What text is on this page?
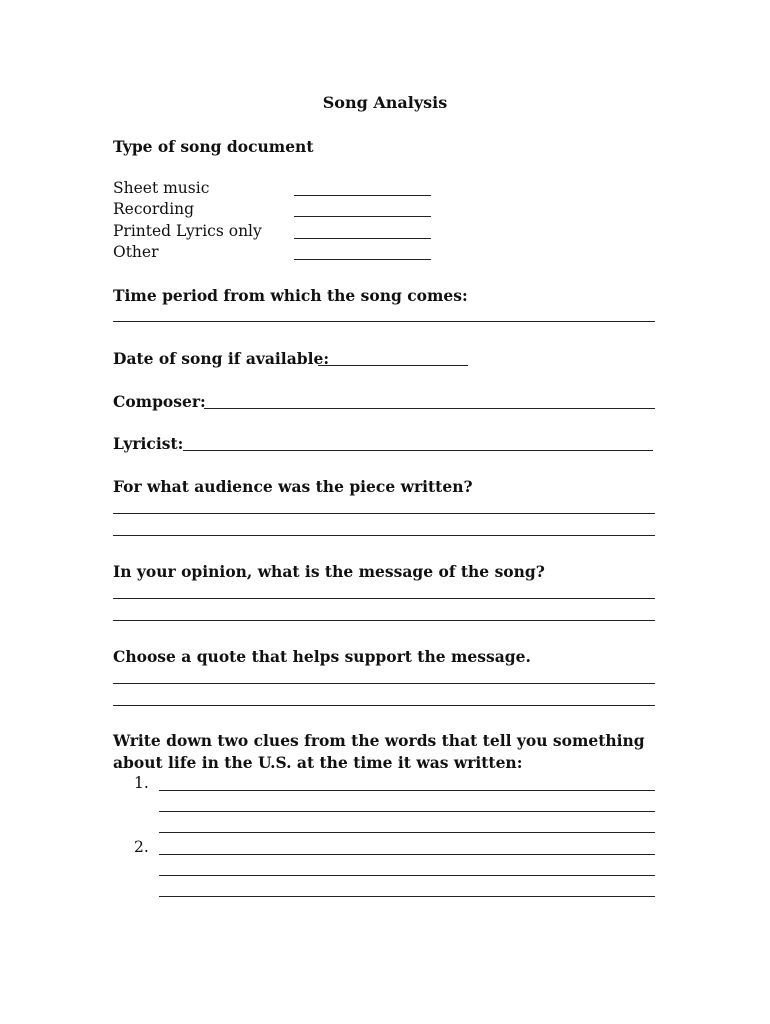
Song Analysis
Type of song document
Sheet music
Recording
Printed Lyrics only
Other
Time period from which the song comes:
Date of song if available:
Composer:
Lyricist:
For what audience was the piece written?
In your opinion, what is the message of the song?
Choose a quote that helps support the message.
Write down two clues from the words that tell you something
about life in the U.S. at the time it was written:
1.
2.
